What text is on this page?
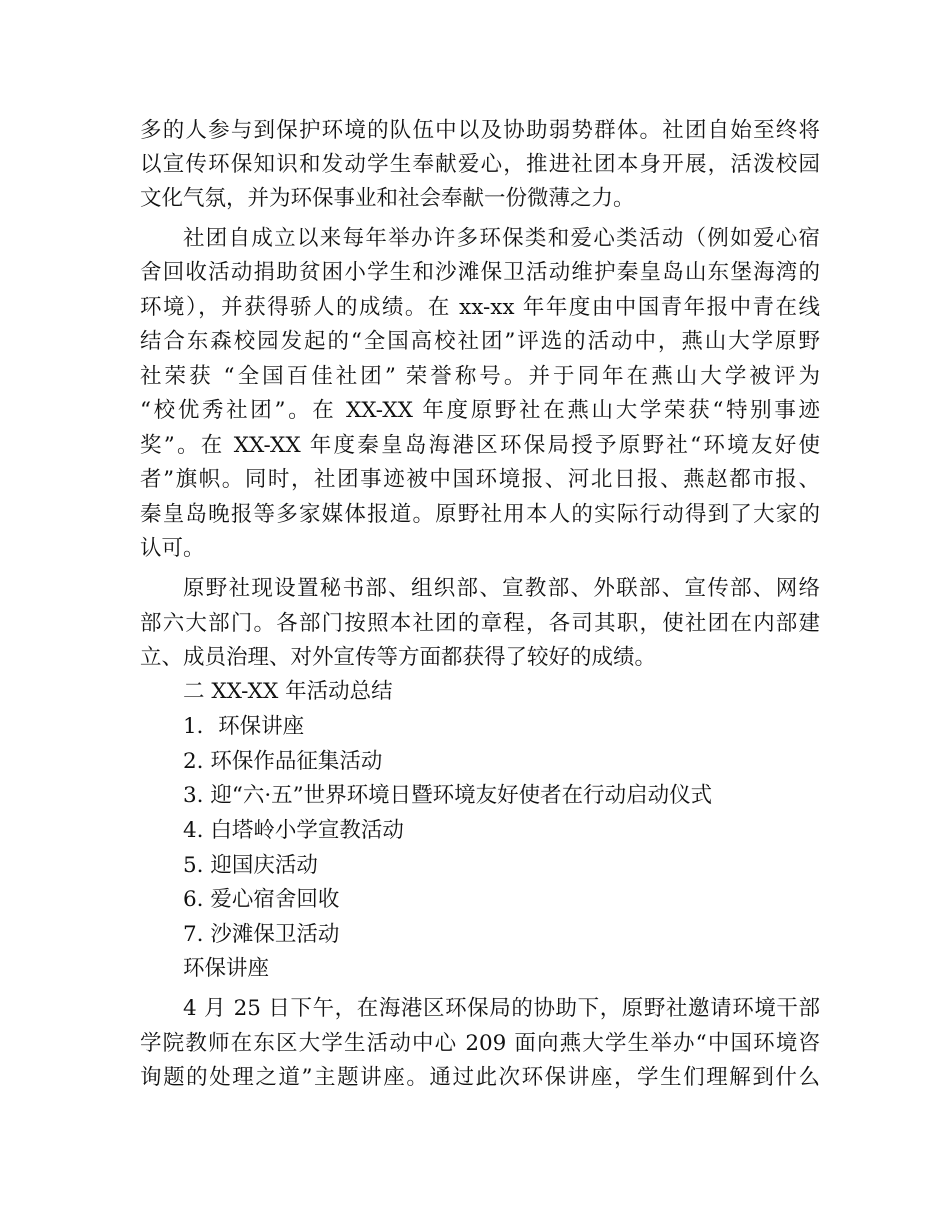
多的人参与到保护环境的队伍中以及协助弱势群体。社团自始至终将
以宣传环保知识和发动学生奉献爱心，推进社团本身开展，活泼校园
文化气氛，并为环保事业和社会奉献一份微薄之力。
社团自成立以来每年举办许多环保类和爱心类活动（例如爱心宿
舍回收活动捐助贫困小学生和沙滩保卫活动维护秦皇岛山东堡海湾的
环境），并获得骄人的成绩。在 xx-xx 年年度由中国青年报中青在线
结合东森校园发起的“全国高校社团”评选的活动中，燕山大学原野
社荣获 “全国百佳社团” 荣誉称号。并于同年在燕山大学被评为
“校优秀社团”。在 XX-XX 年度原野社在燕山大学荣获“特别事迹
奖”。在 XX-XX 年度秦皇岛海港区环保局授予原野社“环境友好使
者”旗帜。同时，社团事迹被中国环境报、河北日报、燕赵都市报、
秦皇岛晚报等多家媒体报道。原野社用本人的实际行动得到了大家的
认可。
原野社现设置秘书部、组织部、宣教部、外联部、宣传部、网络
部六大部门。各部门按照本社团的章程，各司其职，使社团在内部建
立、成员治理、对外宣传等方面都获得了较好的成绩。
二 XX-XX 年活动总结
1．环保讲座
2. 环保作品征集活动
3. 迎“六·五”世界环境日暨环境友好使者在行动启动仪式
4. 白塔岭小学宣教活动
5. 迎国庆活动
6. 爱心宿舍回收
7. 沙滩保卫活动
环保讲座
4 月 25 日下午，在海港区环保局的协助下，原野社邀请环境干部
学院教师在东区大学生活动中心 209 面向燕大学生举办“中国环境咨
询题的处理之道”主题讲座。通过此次环保讲座，学生们理解到什么
